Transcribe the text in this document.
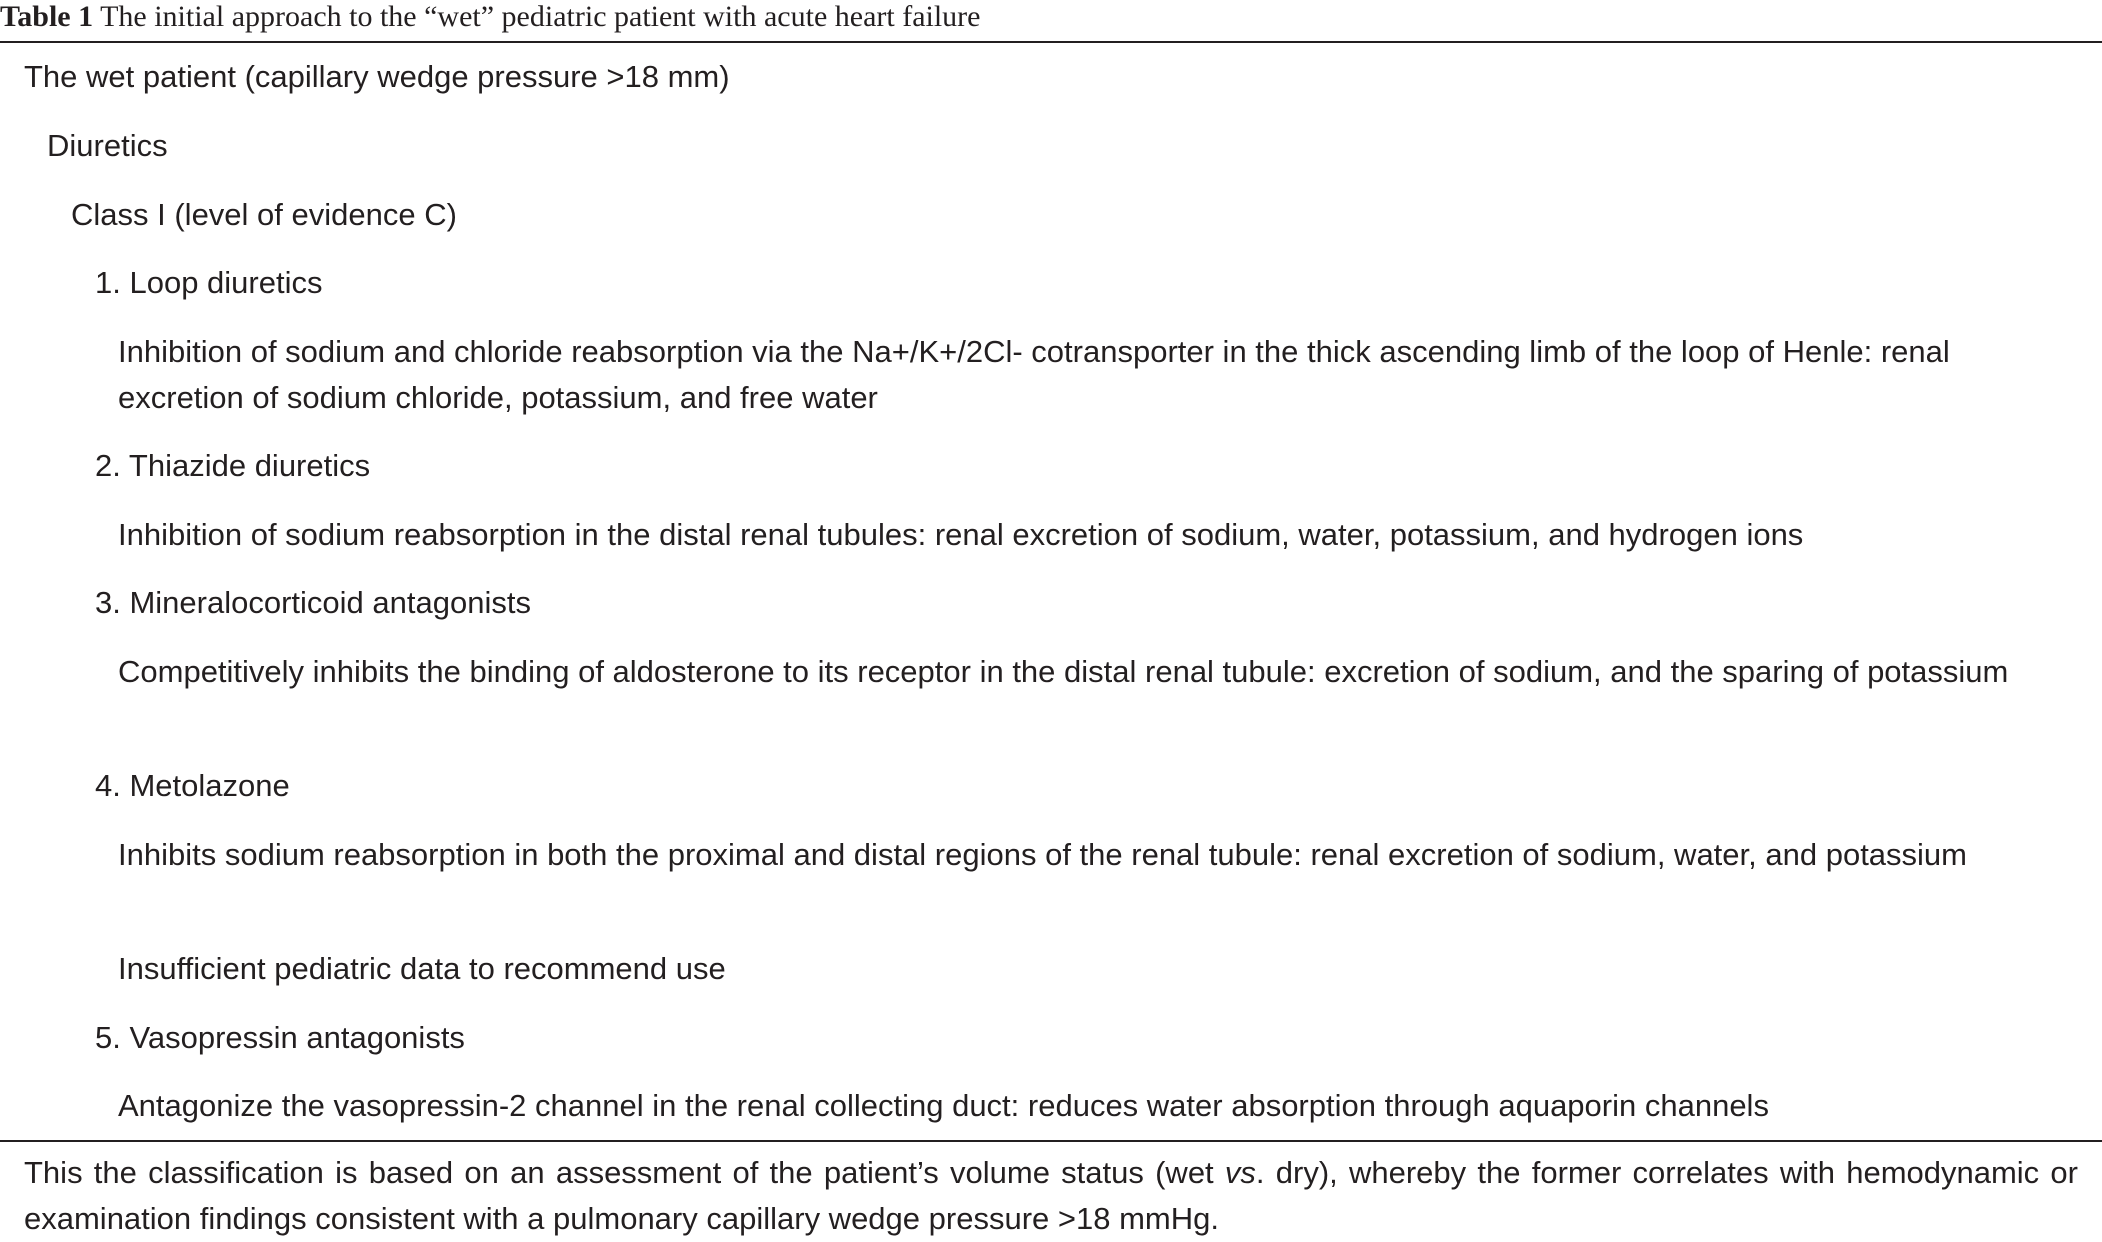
Table 1 The initial approach to the “wet” pediatric patient with acute heart failure
The wet patient (capillary wedge pressure >18 mm)
Diuretics
Class I (level of evidence C)
1. Loop diuretics
Inhibition of sodium and chloride reabsorption via the Na+/K+/2Cl- cotransporter in the thick ascending limb of the loop of Henle: renal excretion of sodium chloride, potassium, and free water
2. Thiazide diuretics
Inhibition of sodium reabsorption in the distal renal tubules: renal excretion of sodium, water, potassium, and hydrogen ions
3. Mineralocorticoid antagonists
Competitively inhibits the binding of aldosterone to its receptor in the distal renal tubule: excretion of sodium, and the sparing of potassium
4. Metolazone
Inhibits sodium reabsorption in both the proximal and distal regions of the renal tubule: renal excretion of sodium, water, and potassium
Insufficient pediatric data to recommend use
5. Vasopressin antagonists
Antagonize the vasopressin-2 channel in the renal collecting duct: reduces water absorption through aquaporin channels
This the classification is based on an assessment of the patient’s volume status (wet vs. dry), whereby the former correlates with hemodynamic or examination findings consistent with a pulmonary capillary wedge pressure >18 mmHg.
